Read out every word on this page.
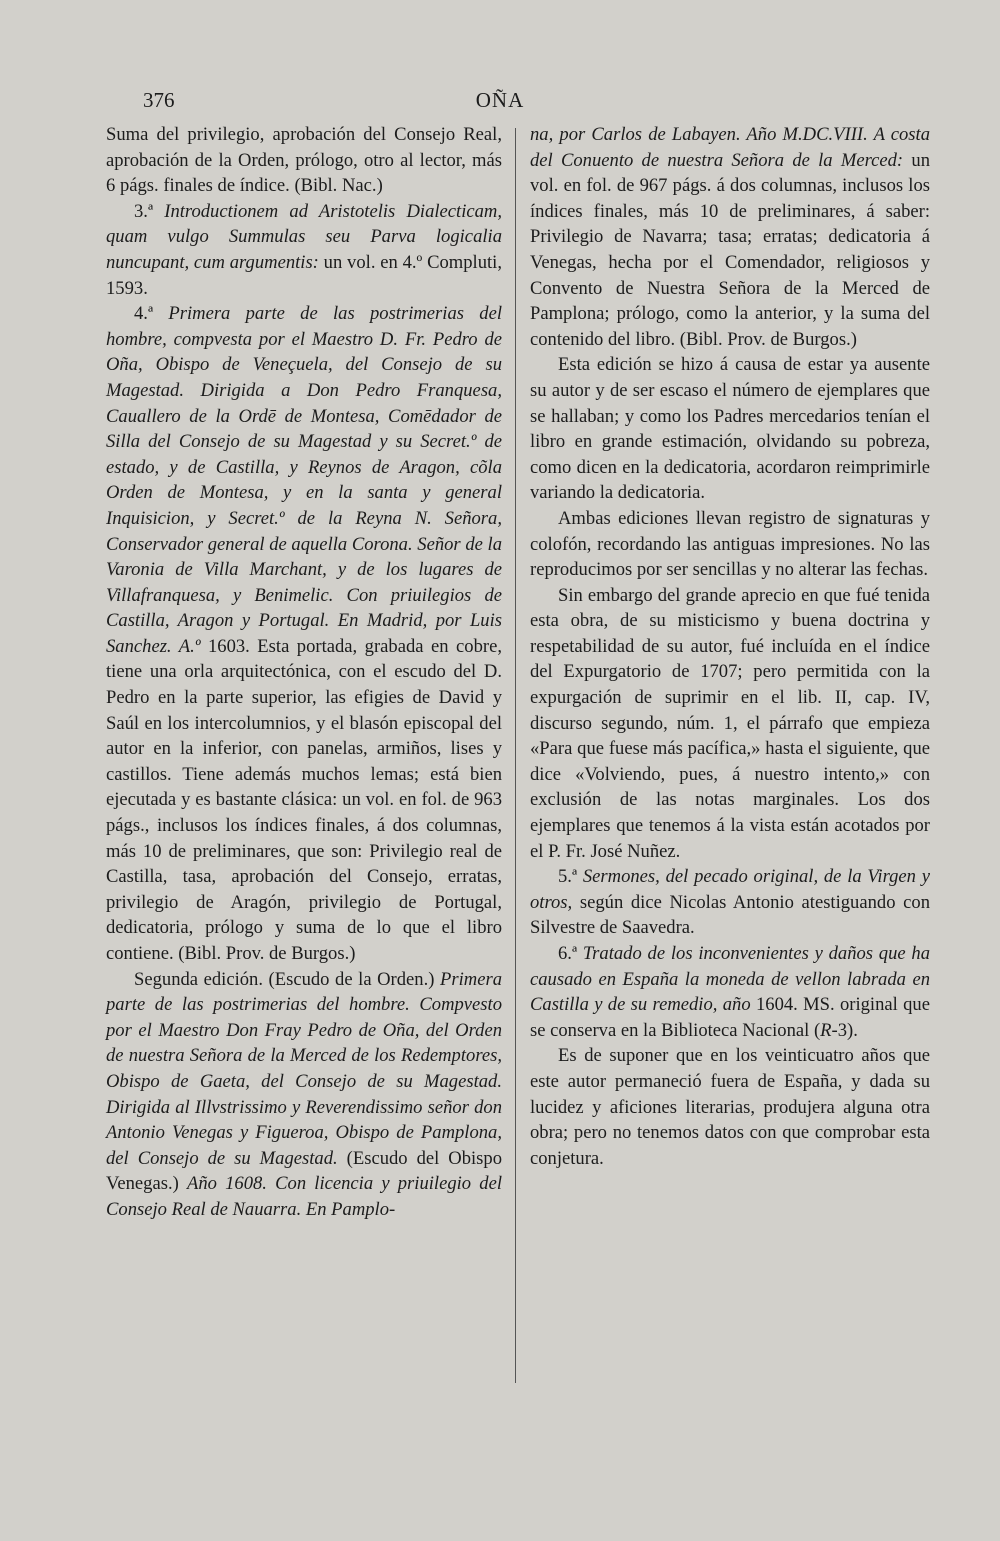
376	OÑA

Suma del privilegio, aprobación del Consejo Real, aprobación de la Orden, prólogo, otro al lector, más 6 págs. finales de índice. (Bibl. Nac.)

3.ª Introductionem ad Aristotelis Dialecticam, quam vulgo Summulas seu Parva logicalia nuncupant, cum argumentis: un vol. en 4.º Compluti, 1593.

4.ª Primera parte de las postrimerias del hombre, compvesta por el Maestro D. Fr. Pedro de Oña, Obispo de Veneçuela, del Consejo de su Magestad. Dirigida a Don Pedro Franquesa, Cauallero de la Ordē de Montesa, Comēdador de Silla del Consejo de su Magestad y su Secret.º de estado, y de Castilla, y Reynos de Aragon, cõla Orden de Montesa, y en la santa y general Inquisicion, y Secret.º de la Reyna N. Señora, Conservador general de aquella Corona. Señor de la Varonia de Villa Marchant, y de los lugares de Villafranquesa, y Benimelic. Con priuilegios de Castilla, Aragon y Portugal. En Madrid, por Luis Sanchez. A.º 1603. Esta portada, grabada en cobre, tiene una orla arquitectónica, con el escudo del D. Pedro en la parte superior, las efigies de David y Saúl en los intercolumnios, y el blasón episcopal del autor en la inferior, con panelas, armiños, lises y castillos. Tiene además muchos lemas; está bien ejecutada y es bastante clásica: un vol. en fol. de 963 págs., inclusos los índices finales, á dos columnas, más 10 de preliminares, que son: Privilegio real de Castilla, tasa, aprobación del Consejo, erratas, privilegio de Aragón, privilegio de Portugal, dedicatoria, prólogo y suma de lo que el libro contiene. (Bibl. Prov. de Burgos.)

Segunda edición. (Escudo de la Orden.) Primera parte de las postrimerias del hombre. Compvesto por el Maestro Don Fray Pedro de Oña, del Orden de nuestra Señora de la Merced de los Redemptores, Obispo de Gaeta, del Consejo de su Magestad. Dirigida al Illvstrissimo y Reverendissimo señor don Antonio Venegas y Figueroa, Obispo de Pamplona, del Consejo de su Magestad. (Escudo del Obispo Venegas.) Año 1608. Con licencia y priuilegio del Consejo Real de Nauarra. En Pamplo-

na, por Carlos de Labayen. Año M.DC.VIII. A costa del Conuento de nuestra Señora de la Merced: un vol. en fol. de 967 págs. á dos columnas, inclusos los índices finales, más 10 de preliminares, á saber: Privilegio de Navarra; tasa; erratas; dedicatoria á Venegas, hecha por el Comendador, religiosos y Convento de Nuestra Señora de la Merced de Pamplona; prólogo, como la anterior, y la suma del contenido del libro. (Bibl. Prov. de Burgos.)

Esta edición se hizo á causa de estar ya ausente su autor y de ser escaso el número de ejemplares que se hallaban; y como los Padres mercedarios tenían el libro en grande estimación, olvidando su pobreza, como dicen en la dedicatoria, acordaron reimprimirle variando la dedicatoria.

Ambas ediciones llevan registro de signaturas y colofón, recordando las antiguas impresiones. No las reproducimos por ser sencillas y no alterar las fechas.

Sin embargo del grande aprecio en que fué tenida esta obra, de su misticismo y buena doctrina y respetabilidad de su autor, fué incluída en el índice del Expurgatorio de 1707; pero permitida con la expurgación de suprimir en el lib. II, cap. IV, discurso segundo, núm. 1, el párrafo que empieza «Para que fuese más pacífica,» hasta el siguiente, que dice «Volviendo, pues, á nuestro intento,» con exclusión de las notas marginales. Los dos ejemplares que tenemos á la vista están acotados por el P. Fr. José Nuñez.

5.ª Sermones, del pecado original, de la Virgen y otros, según dice Nicolas Antonio atestiguando con Silvestre de Saavedra.

6.ª Tratado de los inconvenientes y daños que ha causado en España la moneda de vellon labrada en Castilla y de su remedio, año 1604. MS. original que se conserva en la Biblioteca Nacional (R-3).

Es de suponer que en los veinticuatro años que este autor permaneció fuera de España, y dada su lucidez y aficiones literarias, produjera alguna otra obra; pero no tenemos datos con que comprobar esta conjetura.
